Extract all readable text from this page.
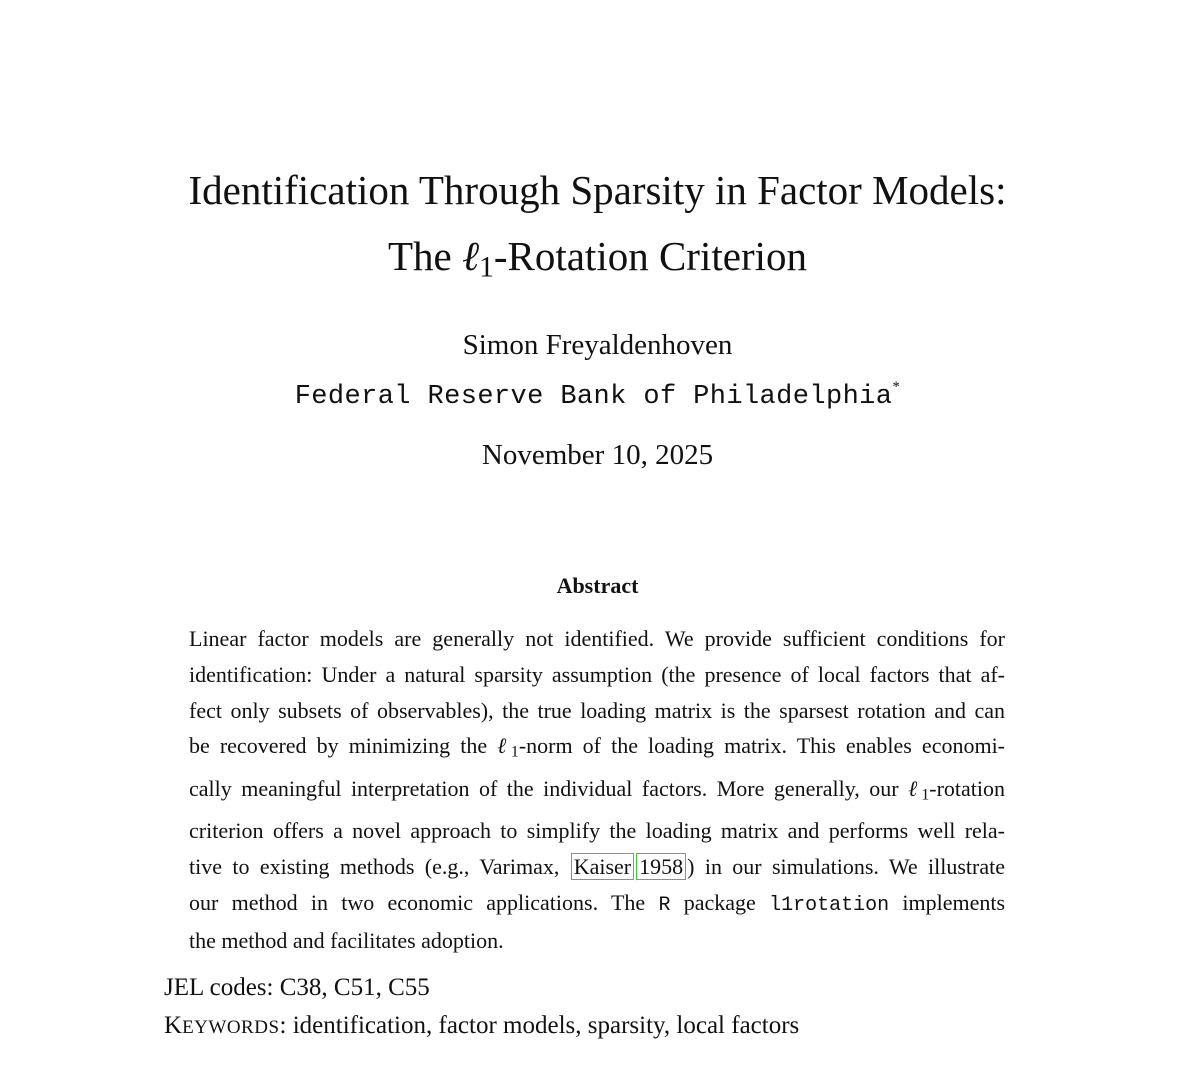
Identification Through Sparsity in Factor Models:
The ℓ$_1$-Rotation Criterion
Simon Freyaldenhoven
Federal Reserve Bank of Philadelphia*
November 10, 2025
Abstract
Linear factor models are generally not identified. We provide sufficient conditions for
identification: Under a natural sparsity assumption (the presence of local factors that af-
fect only subsets of observables), the true loading matrix is the sparsest rotation and can
be recovered by minimizing the ℓ$_1$-norm of the loading matrix. This enables economi-
cally meaningful interpretation of the individual factors. More generally, our ℓ$_1$-rotation
criterion offers a novel approach to simplify the loading matrix and performs well rela-
tive to existing methods (e.g., Varimax, Kaiser 1958 ) in our simulations. We illustrate
our method in two economic applications. The R package l1rotation implements
the method and facilitates adoption.
JEL codes: C38, C51, C55
KEYWORDS: identification, factor models, sparsity, local factors
